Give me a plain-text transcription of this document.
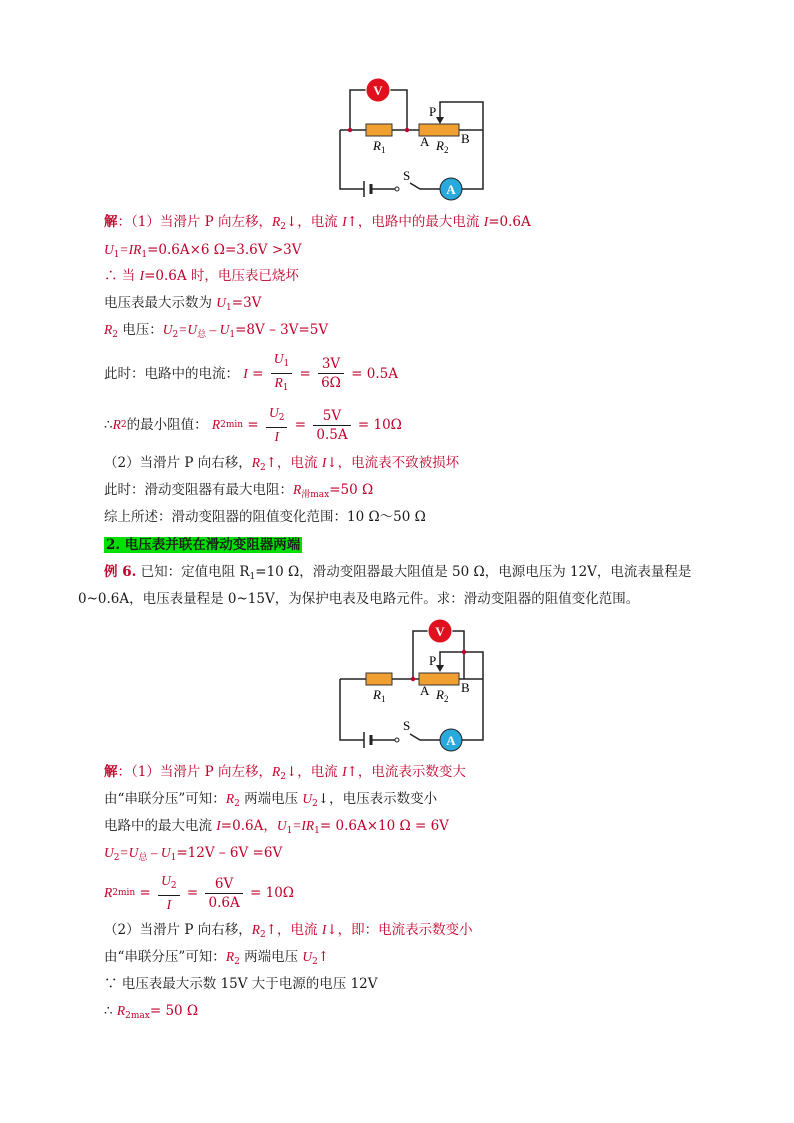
V
A
$R_1$	$R_2$
A B
P
S
解：（1）当滑片 P 向左移，$R_2↓$，电流 I↑，电路中的最大电流 I=0.6A
$U_1=IR_1=0.6A\times 6$ Ω=3.6V >3V
∴ 当 I=0.6A 时，电压表已烧坏
电压表最大示数为 $U_1=3V$
$R_2$ 电压：$U_2=U_总 - U_1=8V - 3V=5V$
此时：电路中的电流： $I = \frac{U_1}{R_1} = \frac{3V}{6\Omega} = 0.5A$
∴R2的最小阻值： $R2\min = \frac{U_2}{I} = \frac{5V}{0.5A} = 10\Omega$
（2）当滑片 P 向右移，$R_2↑$，电流 I↓，电流表不致被损坏
此时：滑动变阻器有最大电阻：$R_{滑max}=50$ Ω
综上所述：滑动变阻器的阻值变化范围：10 Ω～50 Ω
2. 电压表并联在滑动变阻器两端
例 6. 已知：定值电阻 $R_1=10$ Ω，滑动变阻器最大阻值是 50 Ω，电源电压为 12V，电流表量程是
0~0.6A，电压表量程是 0~15V，为保护电表及电路元件。求：滑动变阻器的阻值变化范围。
V
A
$R_1$	$R_2$
A B
P
S
解：（1）当滑片 P 向左移，$R_2↓$，电流 I↑，电流表示数变大
由“串联分压”可知：$R_2$ 两端电压 $U_2↓$，电压表示数变小
电路中的最大电流 I=0.6A，$U_1=IR_1= 0.6A\times 10$ Ω = 6V
$U_2=U_总 - U_1=12V - 6V =6V$
$R2\min = \frac{U_2}{I} = \frac{6V}{0.6A} = 10\Omega$
（2）当滑片 P 向右移，$R_2↑$，电流 I↓，即：电流表示数变小
由“串联分压”可知：$R_2$ 两端电压 $U_2↑$
∵ 电压表最大示数 15V 大于电源的电压 12V
∴ $R_{2max}= 50$ Ω
